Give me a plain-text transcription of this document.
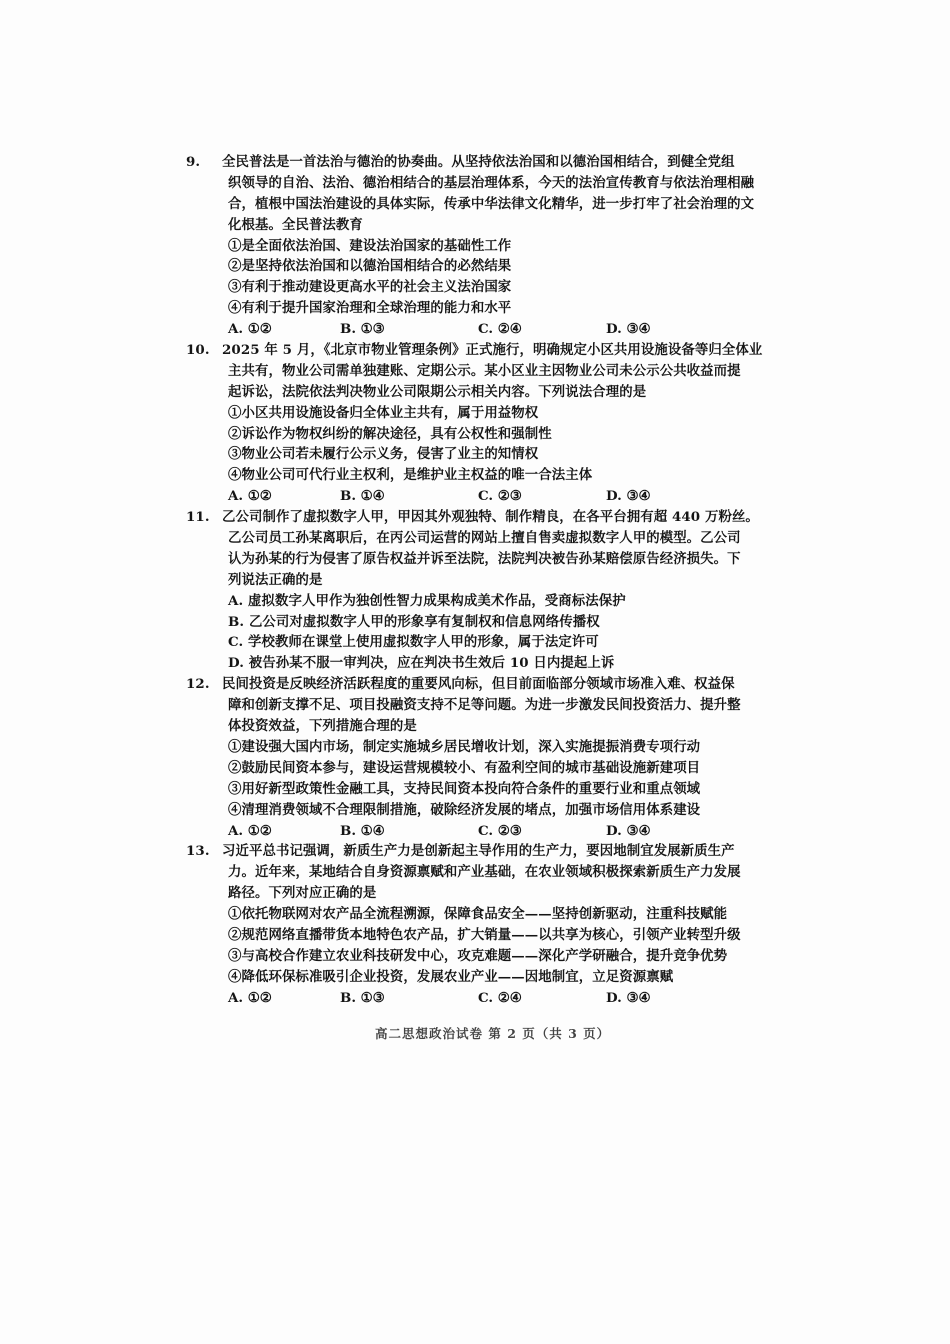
9. 全民普法是一首法治与德治的协奏曲。从坚持依法治国和以德治国相结合，到健全党组
织领导的自治、法治、德治相结合的基层治理体系，今天的法治宣传教育与依法治理相融
合，植根中国法治建设的具体实际，传承中华法律文化精华，进一步打牢了社会治理的文
化根基。全民普法教育
①是全面依法治国、建设法治国家的基础性工作
②是坚持依法治国和以德治国相结合的必然结果
③有利于推动建设更高水平的社会主义法治国家
④有利于提升国家治理和全球治理的能力和水平
A. ①②	B. ①③	C. ②④	D. ③④
10. 2025 年 5 月，《北京市物业管理条例》正式施行，明确规定小区共用设施设备等归全体业
主共有，物业公司需单独建账、定期公示。某小区业主因物业公司未公示公共收益而提
起诉讼，法院依法判决物业公司限期公示相关内容。下列说法合理的是
①小区共用设施设备归全体业主共有，属于用益物权
②诉讼作为物权纠纷的解决途径，具有公权性和强制性
③物业公司若未履行公示义务，侵害了业主的知情权
④物业公司可代行业主权利，是维护业主权益的唯一合法主体
A. ①②	B. ①④	C. ②③	D. ③④
11. 乙公司制作了虚拟数字人甲，甲因其外观独特、制作精良，在各平台拥有超 440 万粉丝。
乙公司员工孙某离职后，在丙公司运营的网站上擅自售卖虚拟数字人甲的模型。乙公司
认为孙某的行为侵害了原告权益并诉至法院，法院判决被告孙某赔偿原告经济损失。下
列说法正确的是
A. 虚拟数字人甲作为独创性智力成果构成美术作品，受商标法保护
B. 乙公司对虚拟数字人甲的形象享有复制权和信息网络传播权
C. 学校教师在课堂上使用虚拟数字人甲的形象，属于法定许可
D. 被告孙某不服一审判决，应在判决书生效后 10 日内提起上诉
12. 民间投资是反映经济活跃程度的重要风向标，但目前面临部分领域市场准入难、权益保
障和创新支撑不足、项目投融资支持不足等问题。为进一步激发民间投资活力、提升整
体投资效益，下列措施合理的是
①建设强大国内市场，制定实施城乡居民增收计划，深入实施提振消费专项行动
②鼓励民间资本参与，建设运营规模较小、有盈利空间的城市基础设施新建项目
③用好新型政策性金融工具，支持民间资本投向符合条件的重要行业和重点领域
④清理消费领域不合理限制措施，破除经济发展的堵点，加强市场信用体系建设
A. ①②	B. ①④	C. ②③	D. ③④
13. 习近平总书记强调，新质生产力是创新起主导作用的生产力，要因地制宜发展新质生产
力。近年来，某地结合自身资源禀赋和产业基础，在农业领域积极探索新质生产力发展
路径。下列对应正确的是
①依托物联网对农产品全流程溯源，保障食品安全——坚持创新驱动，注重科技赋能
②规范网络直播带货本地特色农产品，扩大销量——以共享为核心，引领产业转型升级
③与高校合作建立农业科技研发中心，攻克难题——深化产学研融合，提升竞争优势
④降低环保标准吸引企业投资，发展农业产业——因地制宜，立足资源禀赋
A. ①②	B. ①③	C. ②④	D. ③④
高二思想政治试卷 第 2 页（共 3 页）
